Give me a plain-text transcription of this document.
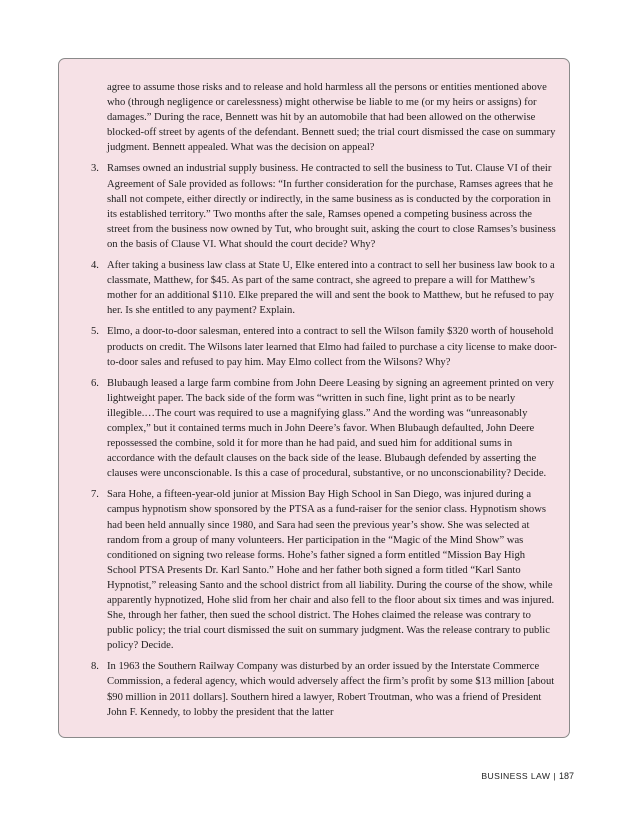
agree to assume those risks and to release and hold harmless all the persons or entities mentioned above who (through negligence or carelessness) might otherwise be liable to me (or my heirs or assigns) for damages.” During the race, Bennett was hit by an automobile that had been allowed on the otherwise blocked-off street by agents of the defendant. Bennett sued; the trial court dismissed the case on summary judgment. Bennett appealed. What was the decision on appeal?

3. Ramses owned an industrial supply business. He contracted to sell the business to Tut. Clause VI of their Agreement of Sale provided as follows: “In further consideration for the purchase, Ramses agrees that he shall not compete, either directly or indirectly, in the same business as is conducted by the corporation in its established territory.” Two months after the sale, Ramses opened a competing business across the street from the business now owned by Tut, who brought suit, asking the court to close Ramses’s business on the basis of Clause VI. What should the court decide? Why?
4. After taking a business law class at State U, Elke entered into a contract to sell her business law book to a classmate, Matthew, for $45. As part of the same contract, she agreed to prepare a will for Matthew’s mother for an additional $110. Elke prepared the will and sent the book to Matthew, but he refused to pay her. Is she entitled to any payment? Explain.
5. Elmo, a door-to-door salesman, entered into a contract to sell the Wilson family $320 worth of household products on credit. The Wilsons later learned that Elmo had failed to purchase a city license to make door-to-door sales and refused to pay him. May Elmo collect from the Wilsons? Why?
6. Blubaugh leased a large farm combine from John Deere Leasing by signing an agreement printed on very lightweight paper. The back side of the form was “written in such fine, light print as to be nearly illegible.…The court was required to use a magnifying glass.” And the wording was “unreasonably complex,” but it contained terms much in John Deere’s favor. When Blubaugh defaulted, John Deere repossessed the combine, sold it for more than he had paid, and sued him for additional sums in accordance with the default clauses on the back side of the lease. Blubaugh defended by asserting the clauses were unconscionable. Is this a case of procedural, substantive, or no unconscionability? Decide.
7. Sara Hohe, a fifteen-year-old junior at Mission Bay High School in San Diego, was injured during a campus hypnotism show sponsored by the PTSA as a fund-raiser for the senior class. Hypnotism shows had been held annually since 1980, and Sara had seen the previous year’s show. She was selected at random from a group of many volunteers. Her participation in the “Magic of the Mind Show” was conditioned on signing two release forms. Hohe’s father signed a form entitled “Mission Bay High School PTSA Presents Dr. Karl Santo.” Hohe and her father both signed a form titled “Karl Santo Hypnotist,” releasing Santo and the school district from all liability. During the course of the show, while apparently hypnotized, Hohe slid from her chair and also fell to the floor about six times and was injured. She, through her father, then sued the school district. The Hohes claimed the release was contrary to public policy; the trial court dismissed the suit on summary judgment. Was the release contrary to public policy? Decide.
8. In 1963 the Southern Railway Company was disturbed by an order issued by the Interstate Commerce Commission, a federal agency, which would adversely affect the firm’s profit by some $13 million [about $90 million in 2011 dollars]. Southern hired a lawyer, Robert Troutman, who was a friend of President John F. Kennedy, to lobby the president that the latter
BUSINESS LAW | 187
